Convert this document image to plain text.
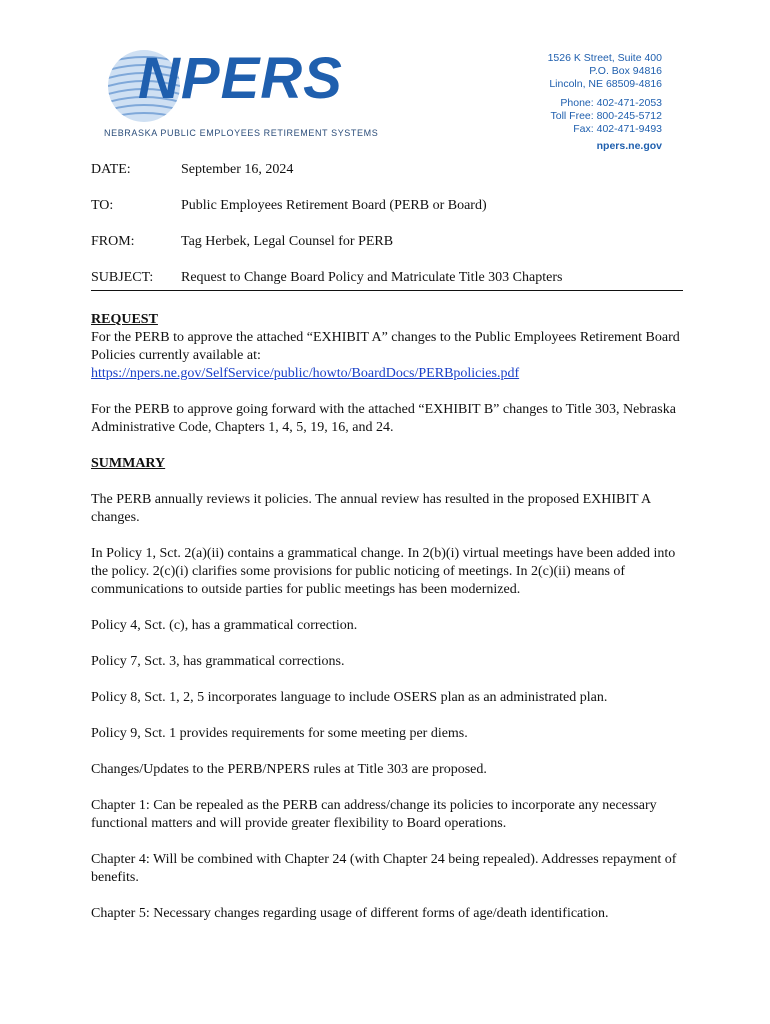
NPERS
NEBRASKA PUBLIC EMPLOYEES RETIREMENT SYSTEMS
1526 K Street, Suite 400
P.O. Box 94816
Lincoln, NE 68509-4816
Phone: 402-471-2053
Toll Free: 800-245-5712
Fax: 402-471-9493
npers.ne.gov
DATE:	September 16, 2024
TO:	Public Employees Retirement Board (PERB or Board)
FROM:	Tag Herbek, Legal Counsel for PERB
SUBJECT:	Request to Change Board Policy and Matriculate Title 303 Chapters

REQUEST

For the PERB to approve the attached “EXHIBIT A” changes to the Public Employees Retirement Board Policies currently available at:

https://npers.ne.gov/SelfService/public/howto/BoardDocs/PERBpolicies.pdf

For the PERB to approve going forward with the attached “EXHIBIT B” changes to Title 303, Nebraska Administrative Code, Chapters 1, 4, 5, 19, 16, and 24.

SUMMARY

The PERB annually reviews it policies. The annual review has resulted in the proposed EXHIBIT A changes.

In Policy 1, Sct. 2(a)(ii) contains a grammatical change. In 2(b)(i) virtual meetings have been added into the policy. 2(c)(i) clarifies some provisions for public noticing of meetings. In 2(c)(ii) means of communications to outside parties for public meetings has been modernized.

Policy 4, Sct. (c), has a grammatical correction.

Policy 7, Sct. 3, has grammatical corrections.

Policy 8, Sct. 1, 2, 5 incorporates language to include OSERS plan as an administrated plan.

Policy 9, Sct. 1 provides requirements for some meeting per diems.

Changes/Updates to the PERB/NPERS rules at Title 303 are proposed.

Chapter 1: Can be repealed as the PERB can address/change its policies to incorporate any necessary functional matters and will provide greater flexibility to Board operations.

Chapter 4: Will be combined with Chapter 24 (with Chapter 24 being repealed). Addresses repayment of benefits.

Chapter 5: Necessary changes regarding usage of different forms of age/death identification.
